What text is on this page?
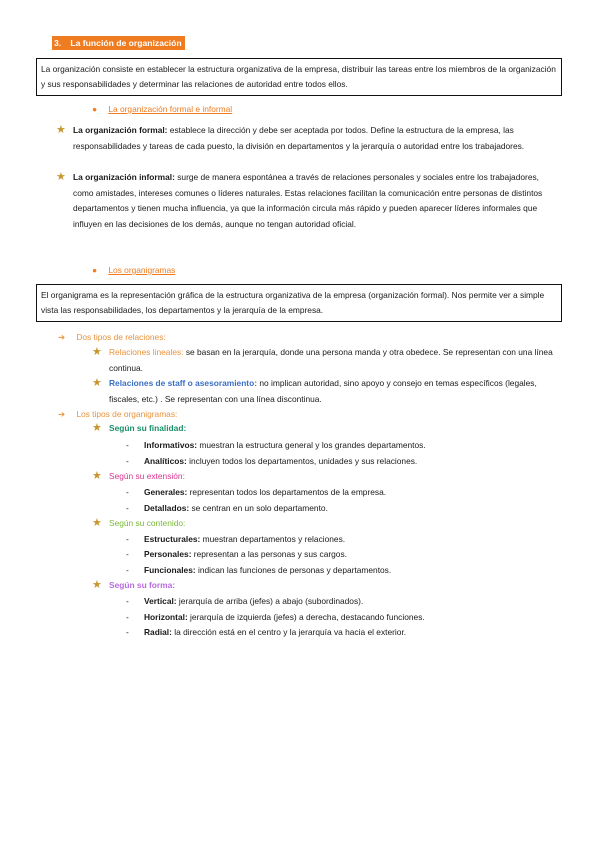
3. La función de organización
La organización consiste en establecer la estructura organizativa de la empresa, distribuir las tareas entre los miembros de la organización y sus responsabilidades y determinar las relaciones de autoridad entre todos ellos.
● La organización formal e informal
★ La organización formal: establece la dirección y debe ser aceptada por todos. Define la estructura de la empresa, las responsabilidades y tareas de cada puesto, la división en departamentos y la jerarquía o autoridad entre los trabajadores.
★ La organización informal: surge de manera espontánea a través de relaciones personales y sociales entre los trabajadores, como amistades, intereses comunes o líderes naturales. Estas relaciones facilitan la comunicación entre personas de distintos departamentos y tienen mucha influencia, ya que la información circula más rápido y pueden aparecer líderes informales que influyen en las decisiones de los demás, aunque no tengan autoridad oficial.
● Los organigramas
El organigrama es la representación gráfica de la estructura organizativa de la empresa (organización formal). Nos permite ver a simple vista las responsabilidades, los departamentos y la jerarquía de la empresa.
➔ Dos tipos de relaciones:
★ Relaciones lineales: se basan en la jerarquía, donde una persona manda y otra obedece. Se representan con una línea continua.
★ Relaciones de staff o asesoramiento: no implican autoridad, sino apoyo y consejo en temas específicos (legales, fiscales, etc.) . Se representan con una línea discontinua.
➔ Los tipos de organigramas:
★ Según su finalidad:
- Informativos: muestran la estructura general y los grandes departamentos.
- Analíticos: incluyen todos los departamentos, unidades y sus relaciones.
★ Según su extensión:
- Generales: representan todos los departamentos de la empresa.
- Detallados: se centran en un solo departamento.
★ Según su contenido:
- Estructurales: muestran departamentos y relaciones.
- Personales: representan a las personas y sus cargos.
- Funcionales: indican las funciones de personas y departamentos.
★ Según su forma:
- Vertical: jerarquía de arriba (jefes) a abajo (subordinados).
- Horizontal: jerarquía de izquierda (jefes) a derecha, destacando funciones.
- Radial: la dirección está en el centro y la jerarquía va hacia el exterior.
